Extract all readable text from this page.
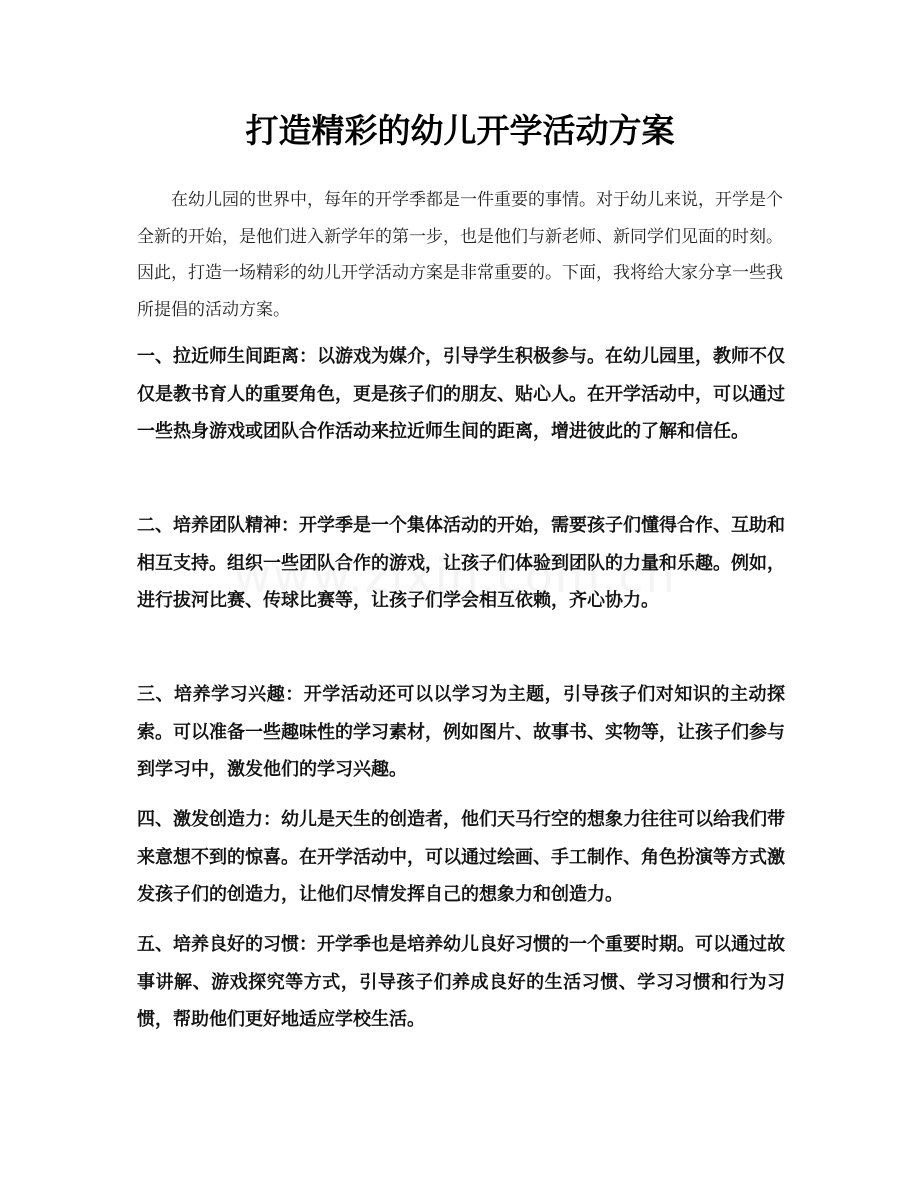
打造精彩的幼儿开学活动方案

在幼儿园的世界中，每年的开学季都是一件重要的事情。对于幼儿来说，开学是个全新的开始，是他们进入新学年的第一步，也是他们与新老师、新同学们见面的时刻。因此，打造一场精彩的幼儿开学活动方案是非常重要的。下面，我将给大家分享一些我所提倡的活动方案。

一、拉近师生间距离：以游戏为媒介，引导学生积极参与。在幼儿园里，教师不仅仅是教书育人的重要角色，更是孩子们的朋友、贴心人。在开学活动中，可以通过一些热身游戏或团队合作活动来拉近师生间的距离，增进彼此的了解和信任。

二、培养团队精神：开学季是一个集体活动的开始，需要孩子们懂得合作、互助和相互支持。组织一些团队合作的游戏，让孩子们体验到团队的力量和乐趣。例如，进行拔河比赛、传球比赛等，让孩子们学会相互依赖，齐心协力。

三、培养学习兴趣：开学活动还可以以学习为主题，引导孩子们对知识的主动探索。可以准备一些趣味性的学习素材，例如图片、故事书、实物等，让孩子们参与到学习中，激发他们的学习兴趣。

四、激发创造力：幼儿是天生的创造者，他们天马行空的想象力往往可以给我们带来意想不到的惊喜。在开学活动中，可以通过绘画、手工制作、角色扮演等方式激发孩子们的创造力，让他们尽情发挥自己的想象力和创造力。

五、培养良好的习惯：开学季也是培养幼儿良好习惯的一个重要时期。可以通过故事讲解、游戏探究等方式，引导孩子们养成良好的生活习惯、学习习惯和行为习惯，帮助他们更好地适应学校生活。
